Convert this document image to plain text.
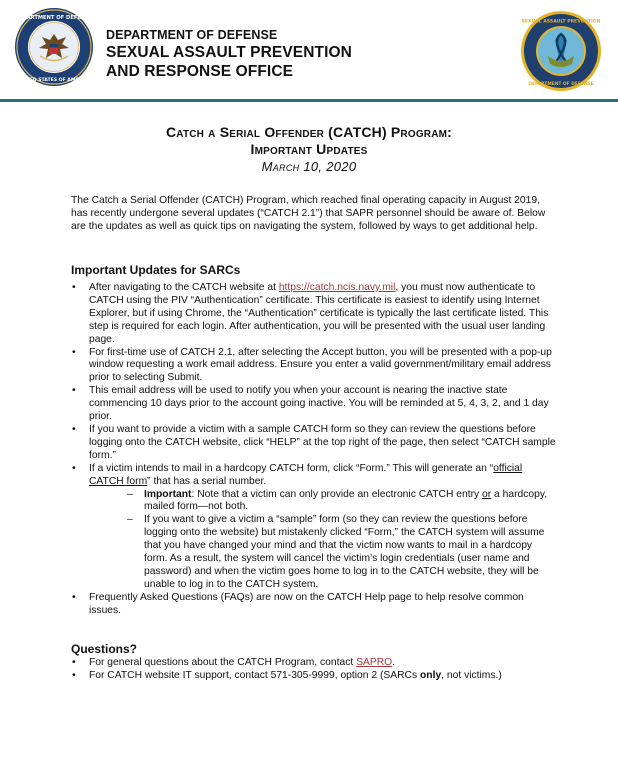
DEPARTMENT OF DEFENSE
UNITED STATES OF AMERICA
DEPARTMENT OF DEFENSE
SEXUAL ASSAULT PREVENTION
AND RESPONSE OFFICE
SEXUAL ASSAULT PREVENTION
DEPARTMENT OF DEFENSE
Catch a Serial Offender (CATCH) Program:
Important Updates
March 10, 2020
The Catch a Serial Offender (CATCH) Program, which reached final operating capacity in August 2019, has recently undergone several updates (“CATCH 2.1”) that SAPR personnel should be aware of. Below are the updates as well as quick tips on navigating the system, followed by ways to get additional help.
Important Updates for SARCs
• After navigating to the CATCH website at https://catch.ncis.navy.mil, you must now authenticate to CATCH using the PIV “Authentication” certificate. This certificate is easiest to identify using Internet Explorer, but if using Chrome, the “Authentication” certificate is typically the last certificate listed. This step is required for each login. After authentication, you will be presented with the usual user landing page.
• For first-time use of CATCH 2.1, after selecting the Accept button, you will be presented with a pop-up window requesting a work email address. Ensure you enter a valid government/military email address prior to selecting Submit.
• This email address will be used to notify you when your account is nearing the inactive state commencing 10 days prior to the account going inactive. You will be reminded at 5, 4, 3, 2, and 1 day prior.
• If you want to provide a victim with a sample CATCH form so they can review the questions before logging onto the CATCH website, click “HELP” at the top right of the page, then select “CATCH sample form.”
• If a victim intends to mail in a hardcopy CATCH form, click “Form.” This will generate an “official CATCH form” that has a serial number.
– Important: Note that a victim can only provide an electronic CATCH entry or a hardcopy, mailed form—not both.
– If you want to give a victim a “sample” form (so they can review the questions before logging onto the website) but mistakenly clicked “Form,” the CATCH system will assume that you have changed your mind and that the victim now wants to mail in a hardcopy form. As a result, the system will cancel the victim’s login credentials (user name and password) and when the victim goes home to log in to the CATCH website, they will be unable to log in to the CATCH system.
• Frequently Asked Questions (FAQs) are now on the CATCH Help page to help resolve common issues.
Questions?
• For general questions about the CATCH Program, contact SAPRO.
• For CATCH website IT support, contact 571-305-9999, option 2 (SARCs only, not victims.)
